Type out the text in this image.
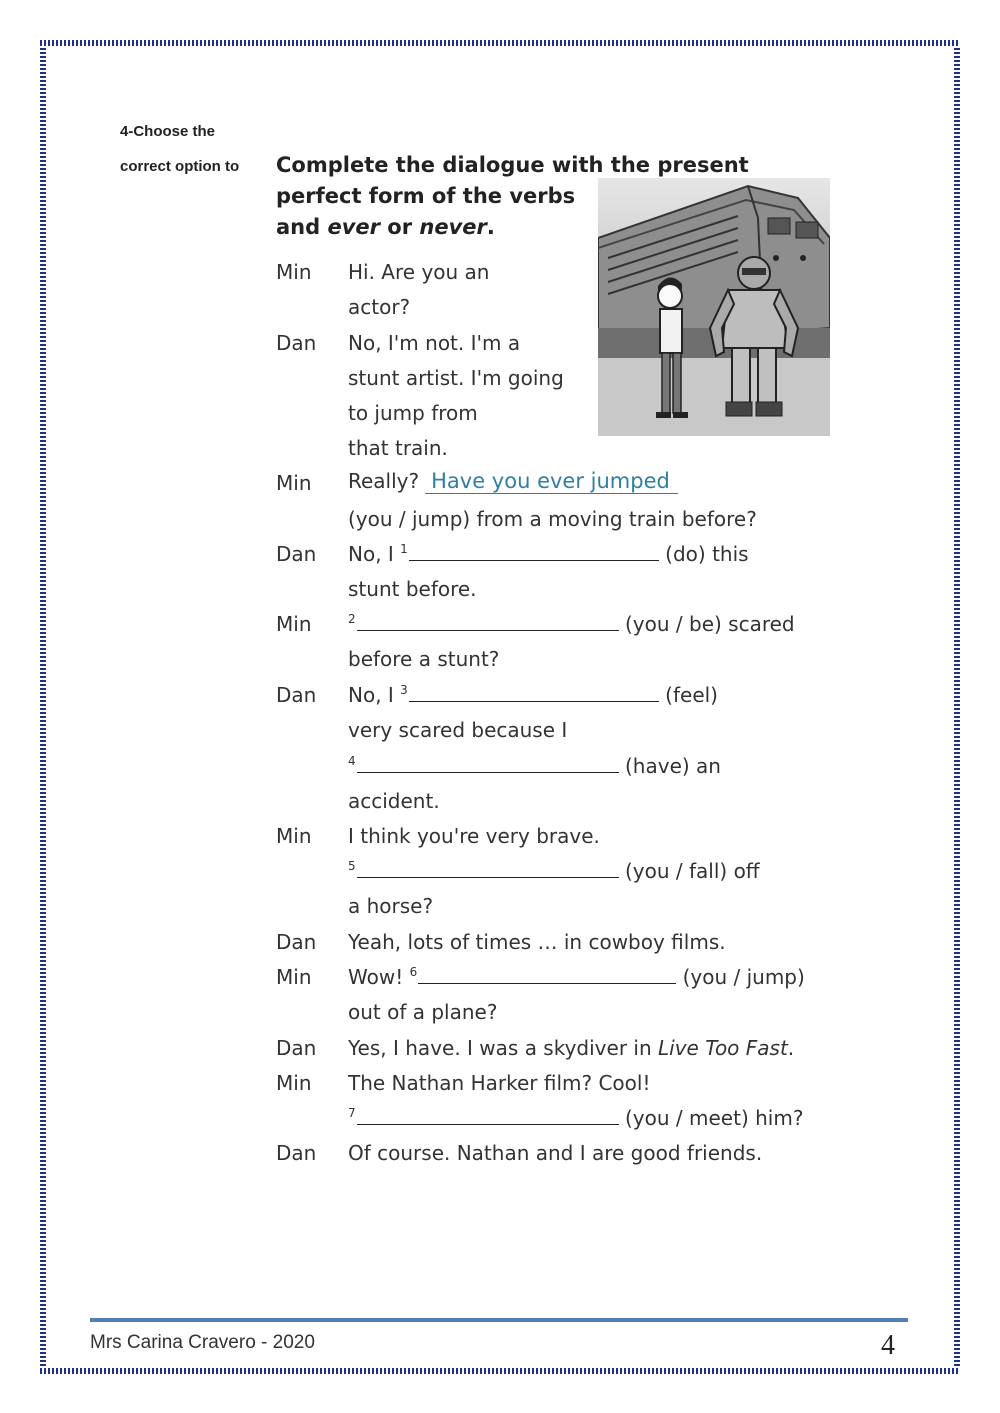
4-Choose the
correct option to Complete the dialogue with the present
perfect form of the verbs
and ever or never.
Min Hi. Are you an
actor?
Dan No, I'm not. I'm a
stunt artist. I'm going
to jump from
that train.
Min Really? Have you ever jumped
(you / jump) from a moving train before?
Dan No, I $^1$	(do) this
stunt before.
Min	$^2$	(you / be) scared
before a stunt?
Dan No, I $^3$	(feel)
very scared because I
$^4$	(have) an
accident.
Min I think you're very brave.
$^5$	(you / fall) off
a horse?
Dan Yeah, lots of times … in cowboy films.
Min Wow! $^6$	(you / jump)
out of a plane?
Dan Yes, I have. I was a skydiver in Live Too Fast.
Min The Nathan Harker film? Cool!
$^7$	(you / meet) him?
Dan Of course. Nathan and I are good friends.
Mrs Carina Cravero - 2020	4
